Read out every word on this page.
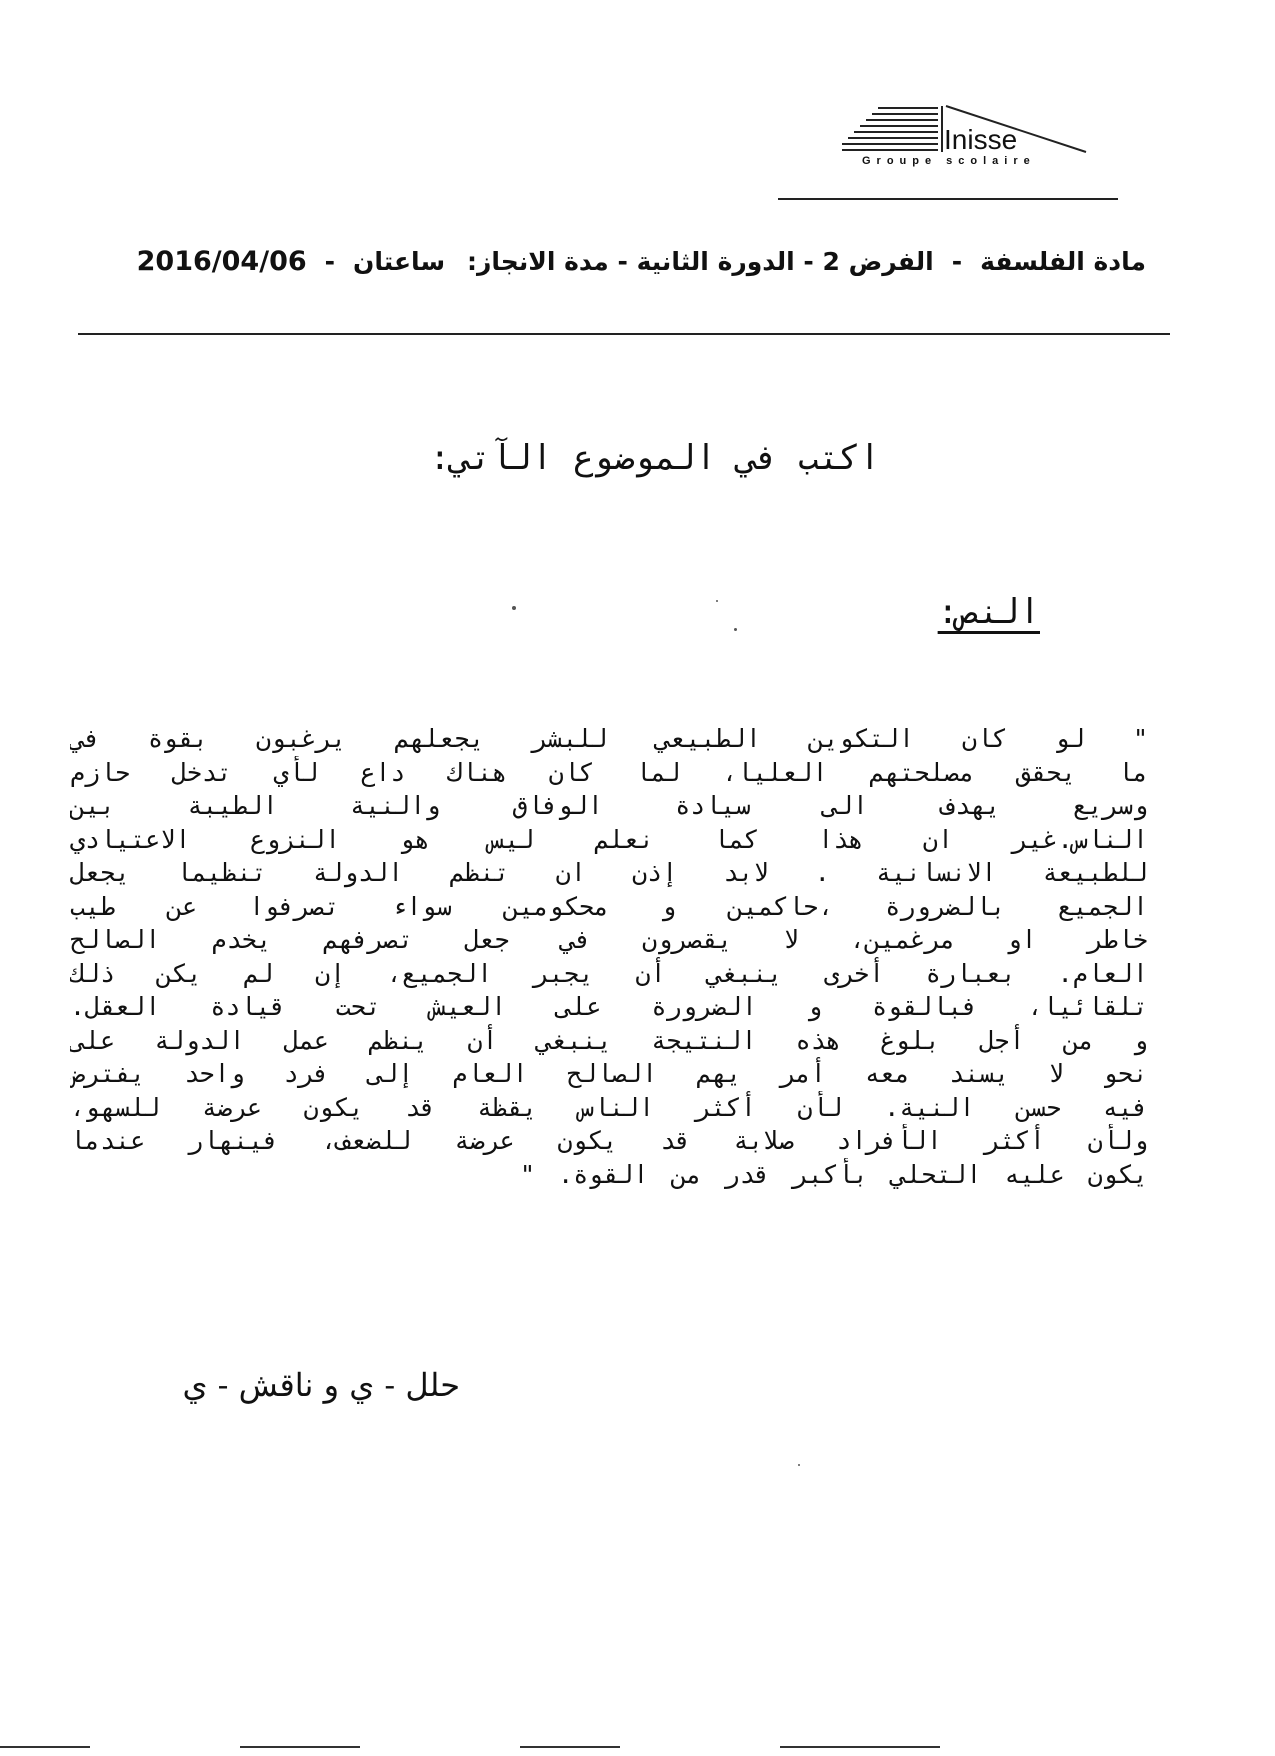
Inisse
Groupe scolaire
مادة الفلسفة
-
الفرض 2 - الدورة الثانية - مدة الانجاز:
ساعتان
-
2016/04/06
اكتب في الموضوع الآتي:
النص:
" لو كان التكوين الطبيعي للبشر يجعلهم يرغبون بقوة في
ما يحقق مصلحتهم العليا، لما كان هناك داع لأي تدخل حازم
وسريع يهدف الى سيادة الوفاق والنية الطيبة بين
الناس.غير ان هذا كما نعلم ليس هو النزوع الاعتيادي
للطبيعة الانسانية . لابد إذن ان تنظم الدولة تنظيما يجعل
الجميع بالضرورة ،حاكمين و محكومين سواء تصرفوا عن طيب
خاطر او مرغمين، لا يقصرون في جعل تصرفهم يخدم الصالح
العام. بعبارة أخرى ينبغي أن يجبر الجميع، إن لم يكن ذلك
تلقائيا، فبالقوة و الضرورة على العيش تحت قيادة العقل.
و من أجل بلوغ هذه النتيجة ينبغي أن ينظم عمل الدولة على
نحو لا يسند معه أمر يهم الصالح العام إلى فرد واحد يفترض
فيه حسن النية. لأن أكثر الناس يقظة قد يكون عرضة للسهو،
ولأن أكثر الأفراد صلابة قد يكون عرضة للضعف، فينهار عندما
يكون عليه التحلي بأكبر قدر من القوة. "
حلل - ي و ناقش - ي
